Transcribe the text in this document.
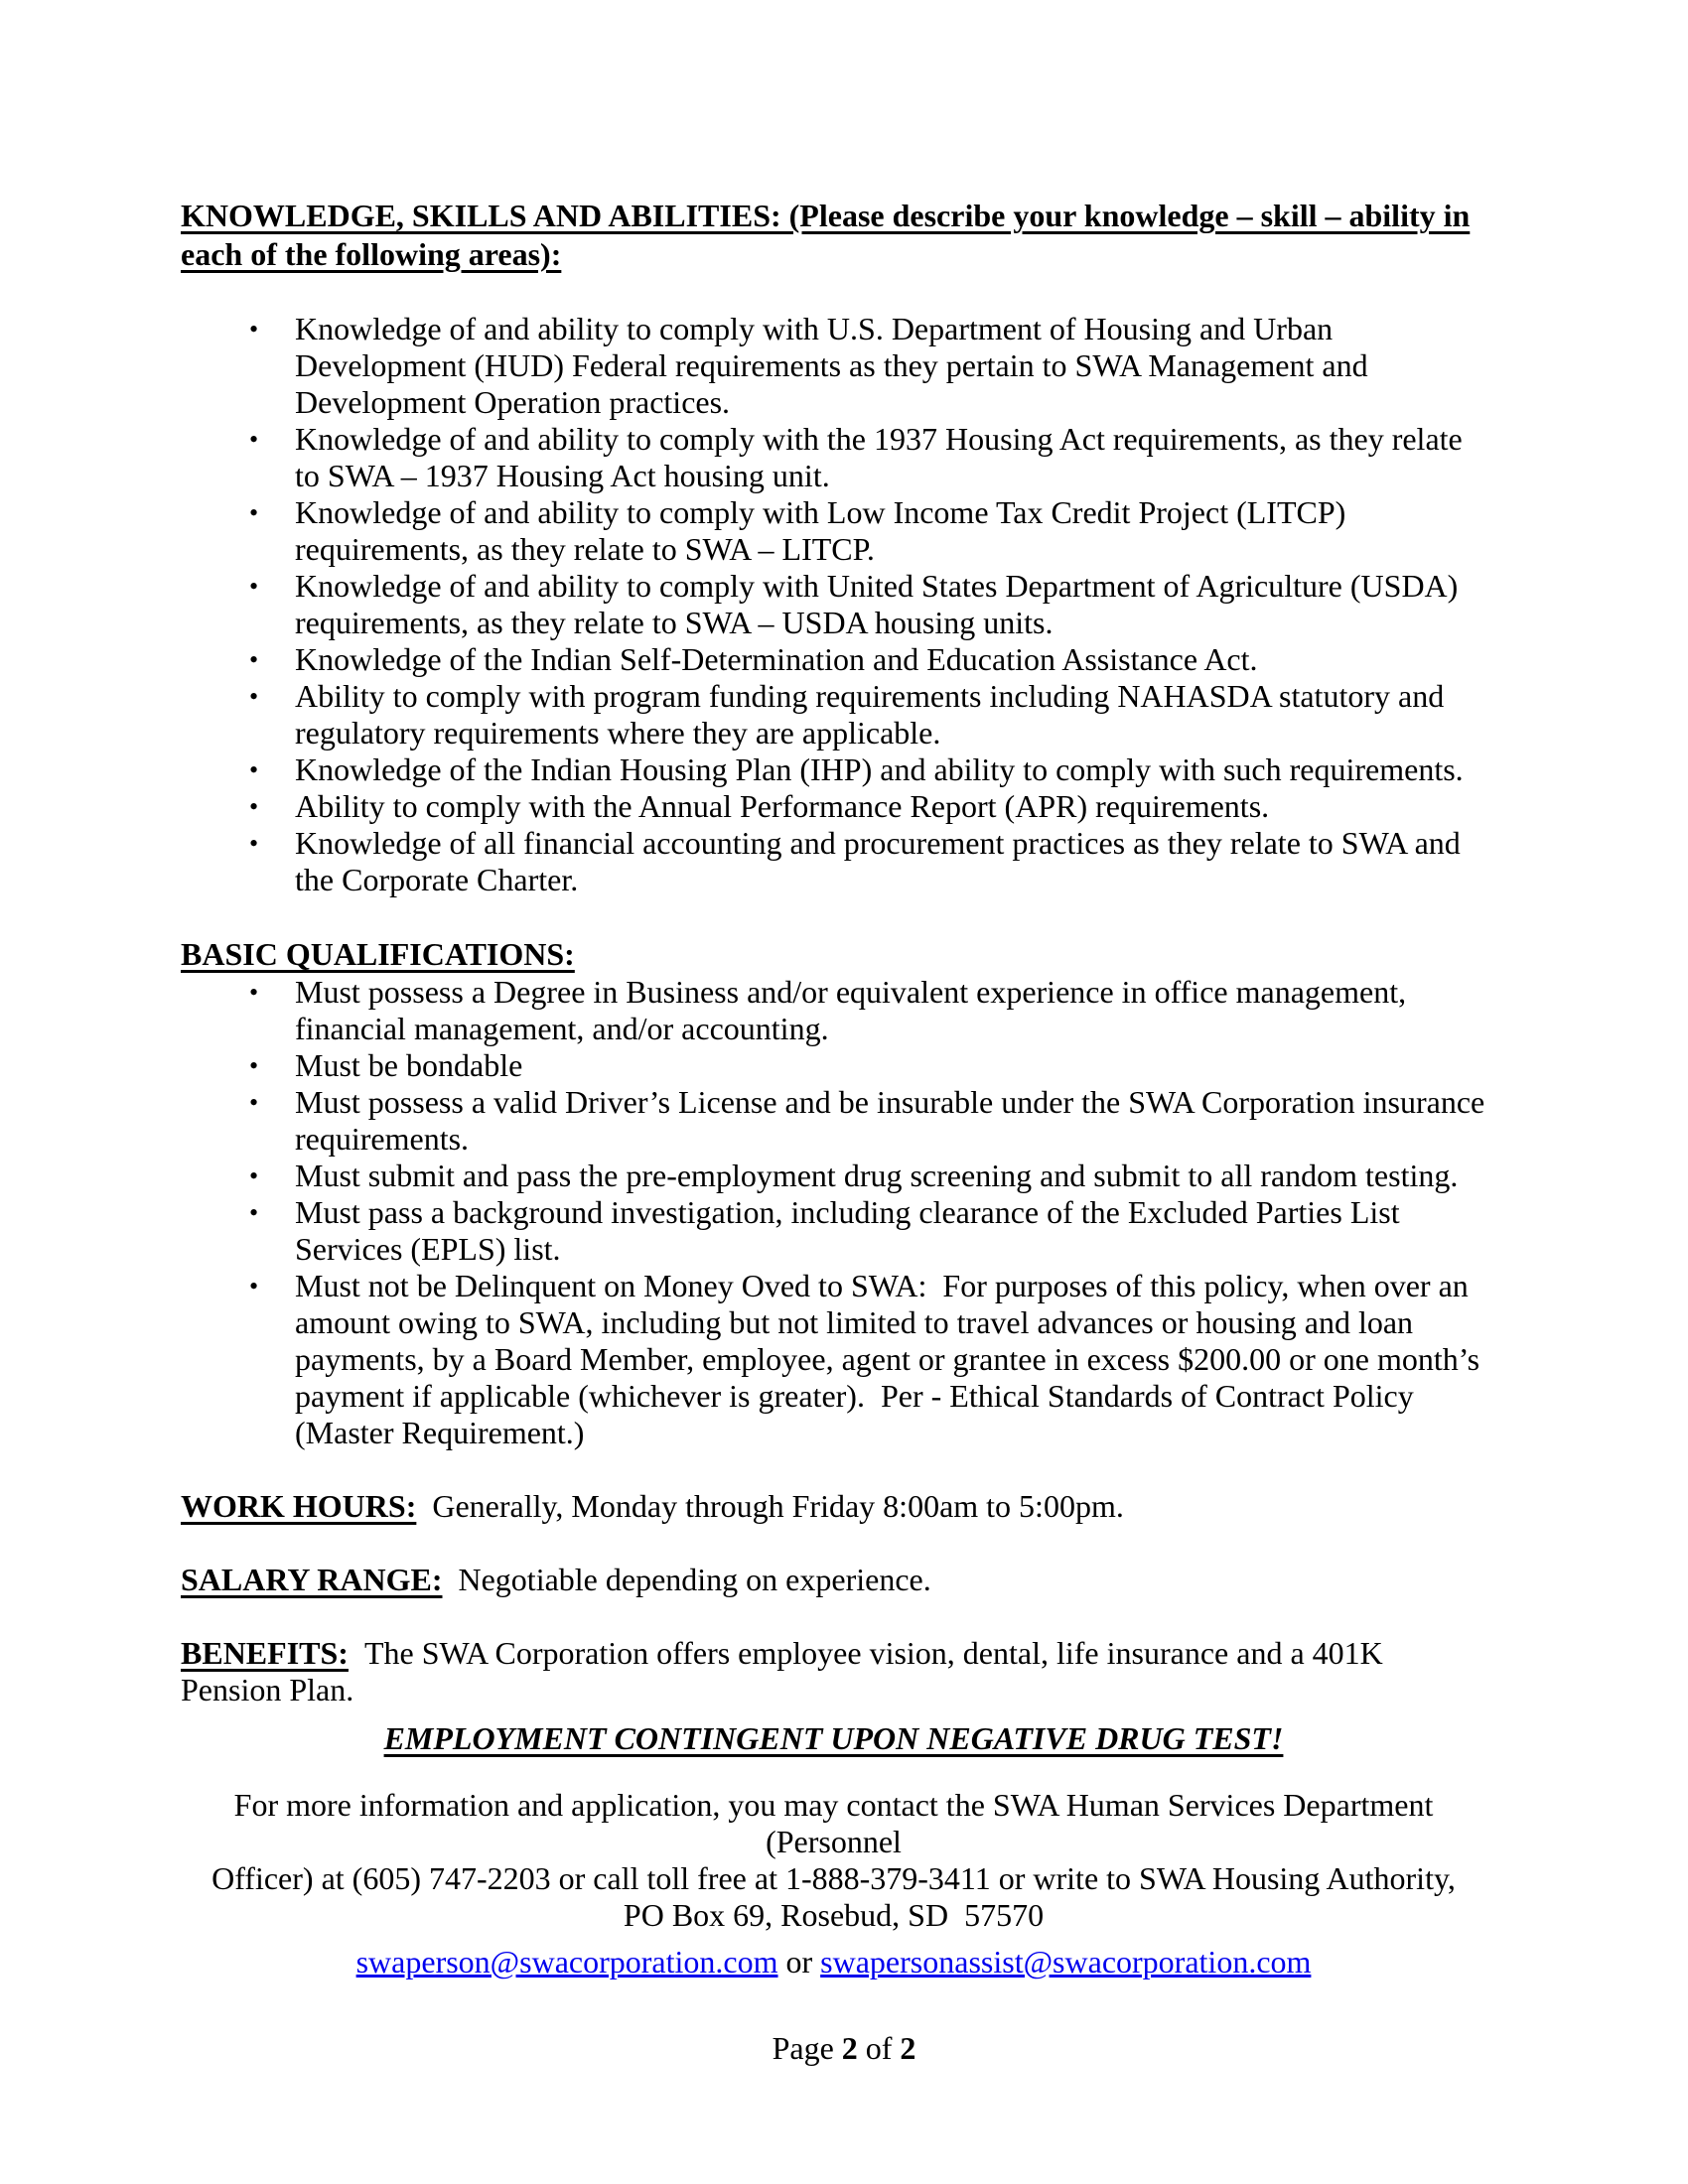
KNOWLEDGE, SKILLS AND ABILITIES: (Please describe your knowledge – skill – ability in each of the following areas):
•	Knowledge of and ability to comply with U.S. Department of Housing and Urban Development (HUD) Federal requirements as they pertain to SWA Management and Development Operation practices.
•	Knowledge of and ability to comply with the 1937 Housing Act requirements, as they relate to SWA – 1937 Housing Act housing unit.
•	Knowledge of and ability to comply with Low Income Tax Credit Project (LITCP) requirements, as they relate to SWA – LITCP.
•	Knowledge of and ability to comply with United States Department of Agriculture (USDA) requirements, as they relate to SWA – USDA housing units.
•	Knowledge of the Indian Self-Determination and Education Assistance Act.
•	Ability to comply with program funding requirements including NAHASDA statutory and regulatory requirements where they are applicable.
•	Knowledge of the Indian Housing Plan (IHP) and ability to comply with such requirements.
•	Ability to comply with the Annual Performance Report (APR) requirements.
•	Knowledge of all financial accounting and procurement practices as they relate to SWA and the Corporate Charter.
BASIC QUALIFICATIONS:
•	Must possess a Degree in Business and/or equivalent experience in office management, financial management, and/or accounting.
•	Must be bondable
•	Must possess a valid Driver’s License and be insurable under the SWA Corporation insurance requirements.
•	Must submit and pass the pre-employment drug screening and submit to all random testing.
•	Must pass a background investigation, including clearance of the Excluded Parties List Services (EPLS) list.
•	Must not be Delinquent on Money Oved to SWA:  For purposes of this policy, when over an amount owing to SWA, including but not limited to travel advances or housing and loan payments, by a Board Member, employee, agent or grantee in excess $200.00 or one month’s payment if applicable (whichever is greater).  Per - Ethical Standards of Contract Policy (Master Requirement.)

WORK HOURS: Generally, Monday through Friday 8:00am to 5:00pm.

SALARY RANGE: Negotiable depending on experience.

BENEFITS: The SWA Corporation offers employee vision, dental, life insurance and a 401K Pension Plan.

EMPLOYMENT CONTINGENT UPON NEGATIVE DRUG TEST!
For more information and application, you may contact the SWA Human Services Department (Personnel
Officer) at (605) 747-2203 or call toll free at 1-888-379-3411 or write to SWA Housing Authority,
PO Box 69, Rosebud, SD  57570
swaperson@swacorporation.com or swapersonassist@swacorporation.com
Page 2 of 2
